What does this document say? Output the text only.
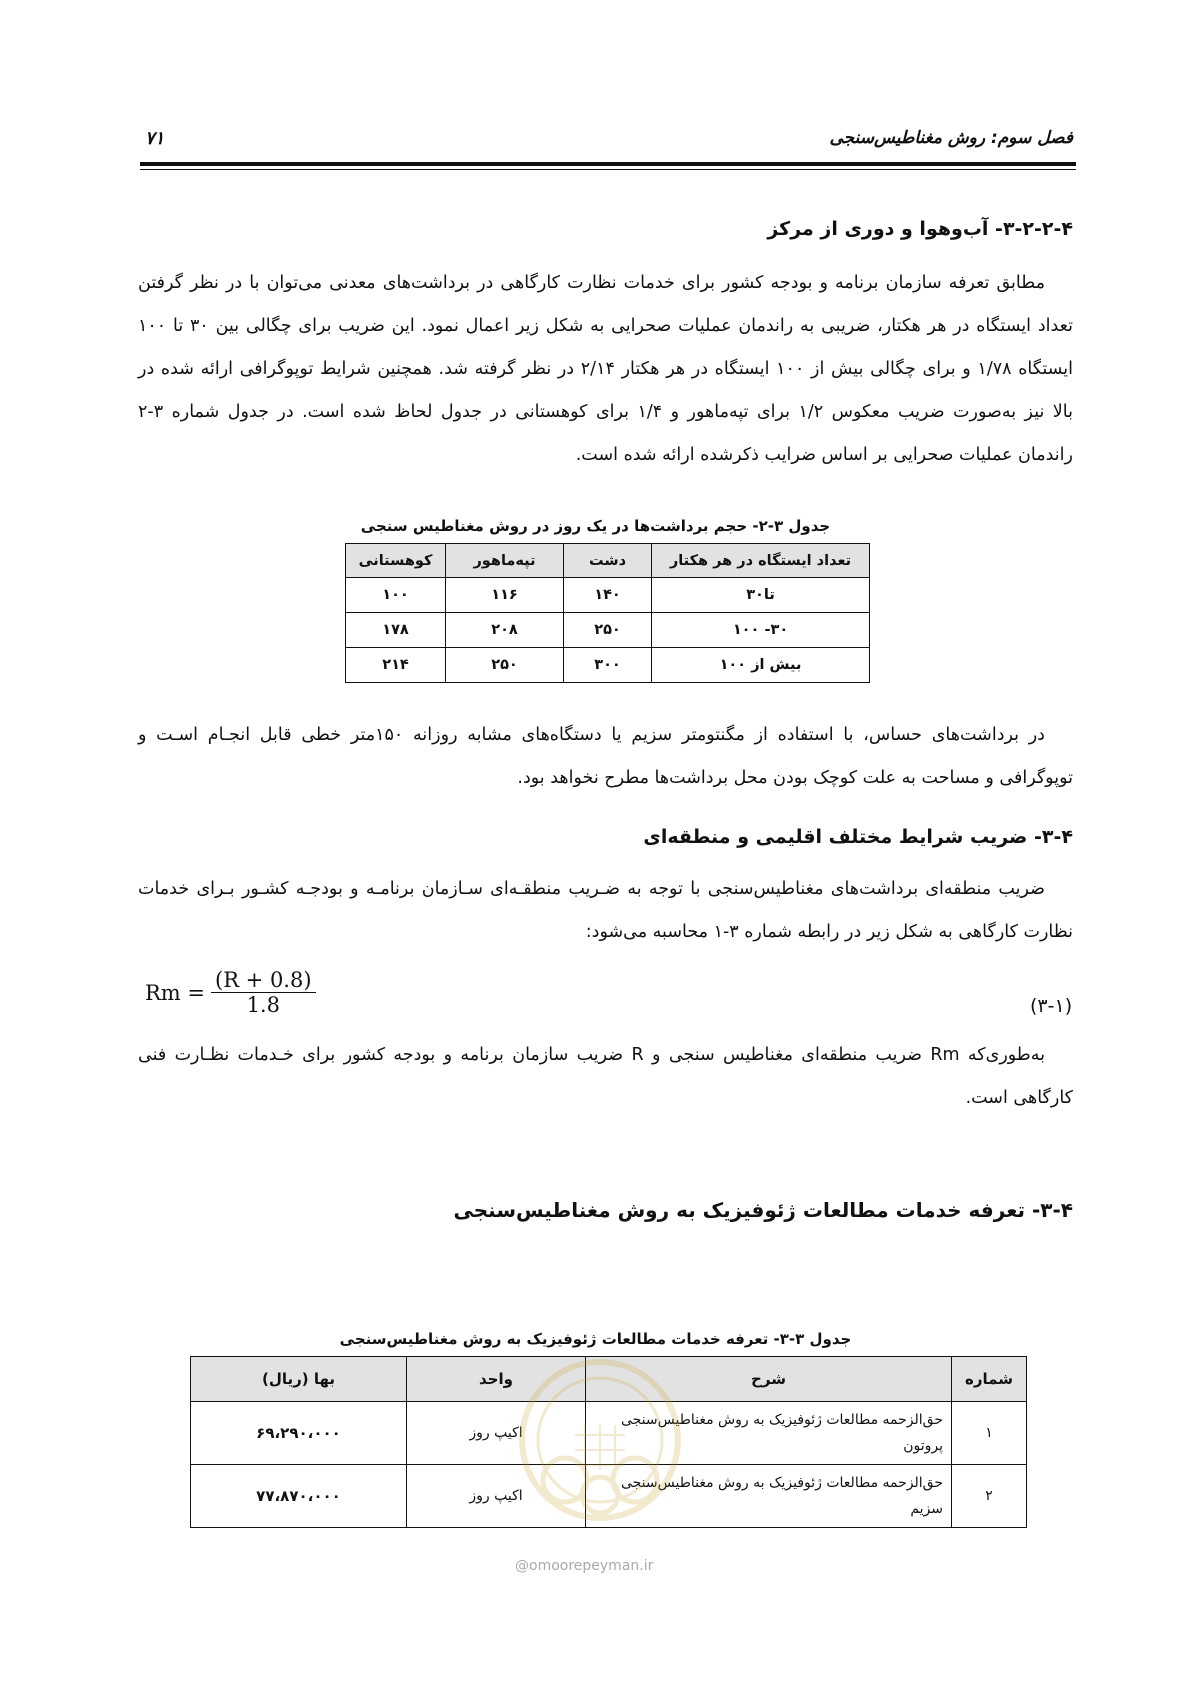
فصل سوم: روش مغناطیس‌سنجی
۷۱
۳-۲-۲-۴- آب‌وهوا و دوری از مرکز

مطابق تعرفه سازمان برنامه و بودجه کشور برای خدمات نظارت کارگاهی در برداشت‌های معدنی می‌توان با در نظر گرفتن تعداد ایستگاه در هر هکتار، ضریبی به راندمان عملیات صحرایی به شکل زیر اعمال نمود. این ضریب برای چگالی بین ۳۰ تا ۱۰۰ ایستگاه ۱/۷۸ و برای چگالی بیش از ۱۰۰ ایستگاه در هر هکتار ۲/۱۴ در نظر گرفته شد. همچنین شرایط توپوگرافی ارائه شده در بالا نیز به‌صورت ضریب معکوس ۱/۲ برای تپه‌ماهور و ۱/۴ برای کوهستانی در جدول لحاظ شده است. در جدول شماره ۳-۲ راندمان عملیات صحرایی بر اساس ضرایب ذکرشده ارائه شده است.

جدول ۳-۲- حجم برداشت‌ها در یک روز در روش مغناطیس سنجی
تعداد ایستگاه در هر هکتار	دشت	تپه‌ماهور	کوهستانی
تا۳۰	۱۴۰	۱۱۶	۱۰۰
۳۰- ۱۰۰	۲۵۰	۲۰۸	۱۷۸
بیش از ۱۰۰	۳۰۰	۲۵۰	۲۱۴

در برداشت‌های حساس، با استفاده از مگنتومتر سزیم یا دستگاه‌های مشابه روزانه ۱۵۰متر خطی قابل انجـام اسـت و توپوگرافی و مساحت به علت کوچک بودن محل برداشت‌ها مطرح نخواهد بود.

۳-۴- ضریب شرایط مختلف اقلیمی و منطقه‌ای

ضریب منطقه‌ای برداشت‌های مغناطیس‌سنجی با توجه به ضـریب منطقـه‌ای سـازمان برنامـه و بودجـه کشـور بـرای خدمات نظارت کارگاهی به شکل زیر در رابطه شماره ۳-۱ محاسبه می‌شود:

$Rm = \frac{(R + 0.8)}{1.8}$	(۳-۱)

به‌طوری‌که Rm ضریب منطقه‌ای مغناطیس سنجی و R ضریب سازمان برنامه و بودجه کشور برای خـدمات نظـارت فنی کارگاهی است.

۳-۴- تعرفه خدمات مطالعات ژئوفیزیک به روش مغناطیس‌سنجی
جدول ۳-۳- تعرفه خدمات مطالعات ژئوفیزیک به روش مغناطیس‌سنجی
شماره	شرح	واحد	بها (ریال)
۱	حق‌الزحمه مطالعات ژئوفیزیک به روش مغناطیس‌سنجی پروتون	اکیپ روز	۶۹،۲۹۰،۰۰۰
۲	حق‌الزحمه مطالعات ژئوفیزیک به روش مغناطیس‌سنجی سزیم	اکیپ روز	۷۷،۸۷۰،۰۰۰
@omoorepeyman.ir
